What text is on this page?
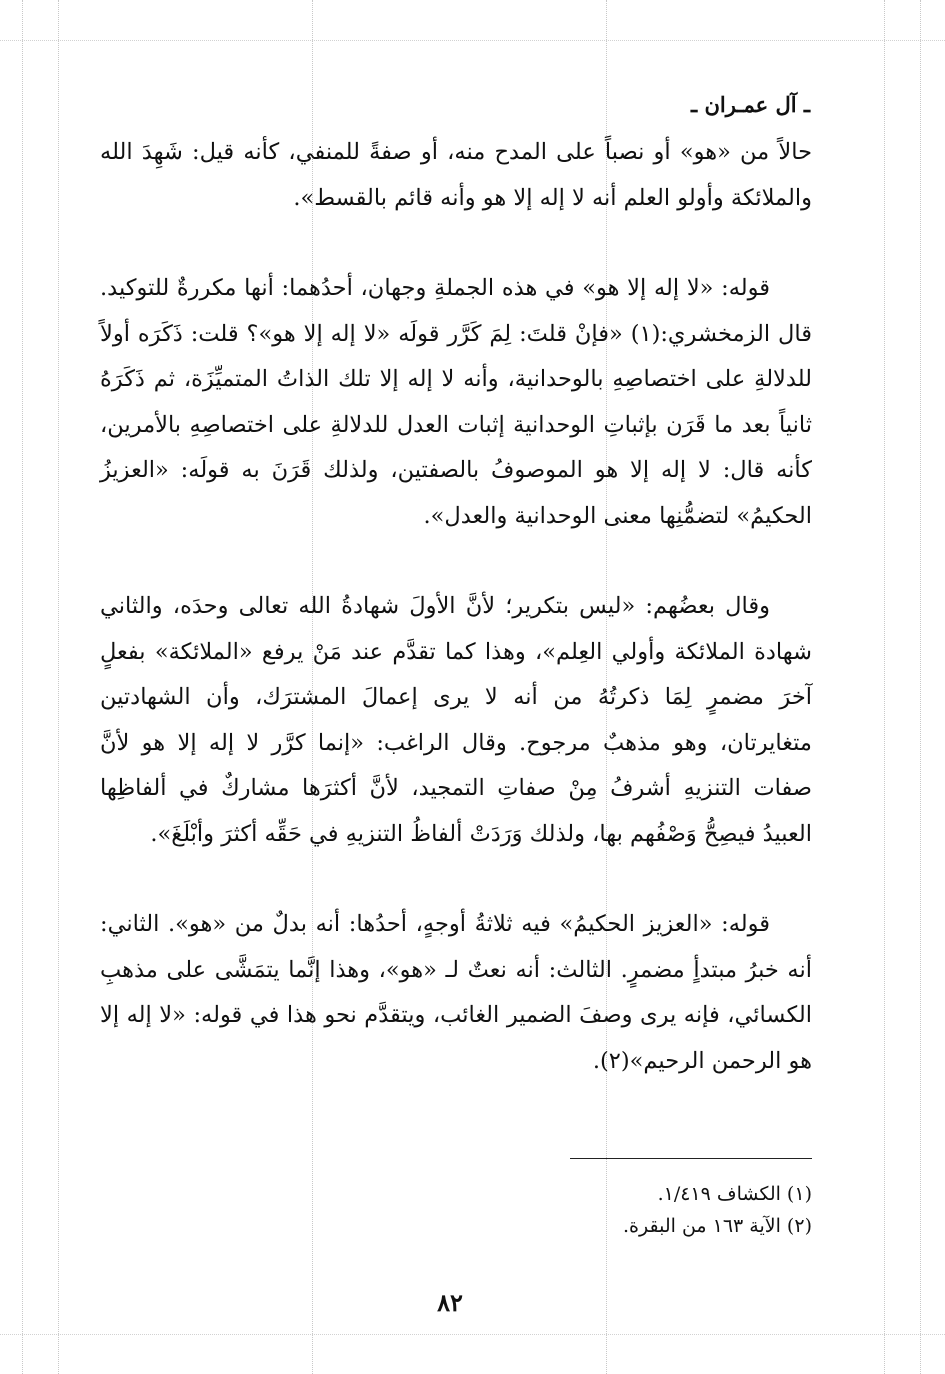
ـ آل عمـران ـ

حالاً من «هو» أو نصباً على المدح منه، أو صفةً للمنفي، كأنه قيل: شَهِدَ الله والملائكة وأولو العلم أنه لا إله إلا هو وأنه قائم بالقسط».

قوله: «لا إله إلا هو» في هذه الجملةِ وجهان، أحدُهما: أنها مكررةٌ للتوكيد. قال الزمخشري:(١) «فإنْ قلتَ: لِمَ كَرَّر قولَه «لا إله إلا هو»؟ قلت: ذَكَرَه أولاً للدلالةِ على اختصاصِهِ بالوحدانية، وأنه لا إله إلا تلك الذاتُ المتميِّزَة، ثم ذَكَرَهُ ثانياً بعد ما قَرَن بإثباتِ الوحدانية إثبات العدل للدلالةِ على اختصاصِهِ بالأمرين، كأنه قال: لا إله إلا هو الموصوفُ بالصفتين، ولذلك قَرَنَ به قولَه: «العزيزُ الحكيمُ» لتضمُّنِها معنى الوحدانية والعدل».

وقال بعضُهم: «ليس بتكرير؛ لأنَّ الأولَ شهادةُ الله تعالى وحدَه، والثاني شهادة الملائكة وأولي العِلم»، وهذا كما تقدَّم عند مَنْ يرفع «الملائكة» بفعلٍ آخرَ مضمرٍ لِمَا ذكرتُهُ من أنه لا يرى إعمالَ المشترَك، وأن الشهادتين متغايرتان، وهو مذهبٌ مرجوح. وقال الراغب: «إنما كرَّر لا إله إلا هو لأنَّ صفات التنزيهِ أشرفُ مِنْ صفاتِ التمجيد، لأنَّ أكثرَها مشاركٌ في ألفاظِها العبيدُ فيصِحُّ وَصْفُهم بها، ولذلك وَرَدَتْ ألفاظُ التنزيهِ في حَقِّه أكثرَ وأبْلَغَ».

قوله: «العزيز الحكيمُ» فيه ثلاثةُ أوجهٍ، أحدُها: أنه بدلٌ من «هو». الثاني: أنه خبرُ مبتدأٍ مضمرٍ. الثالث: أنه نعتٌ لـ «هو»، وهذا إنَّما يتمَشَّى على مذهبِ الكسائي، فإنه يرى وصفَ الضمير الغائب، ويتقدَّم نحو هذا في قوله: «لا إله إلا هو الرحمن الرحيم»(٢).

(١) الكشاف ١/٤١٩.
(٢) الآية ١٦٣ من البقرة.
٨٢
